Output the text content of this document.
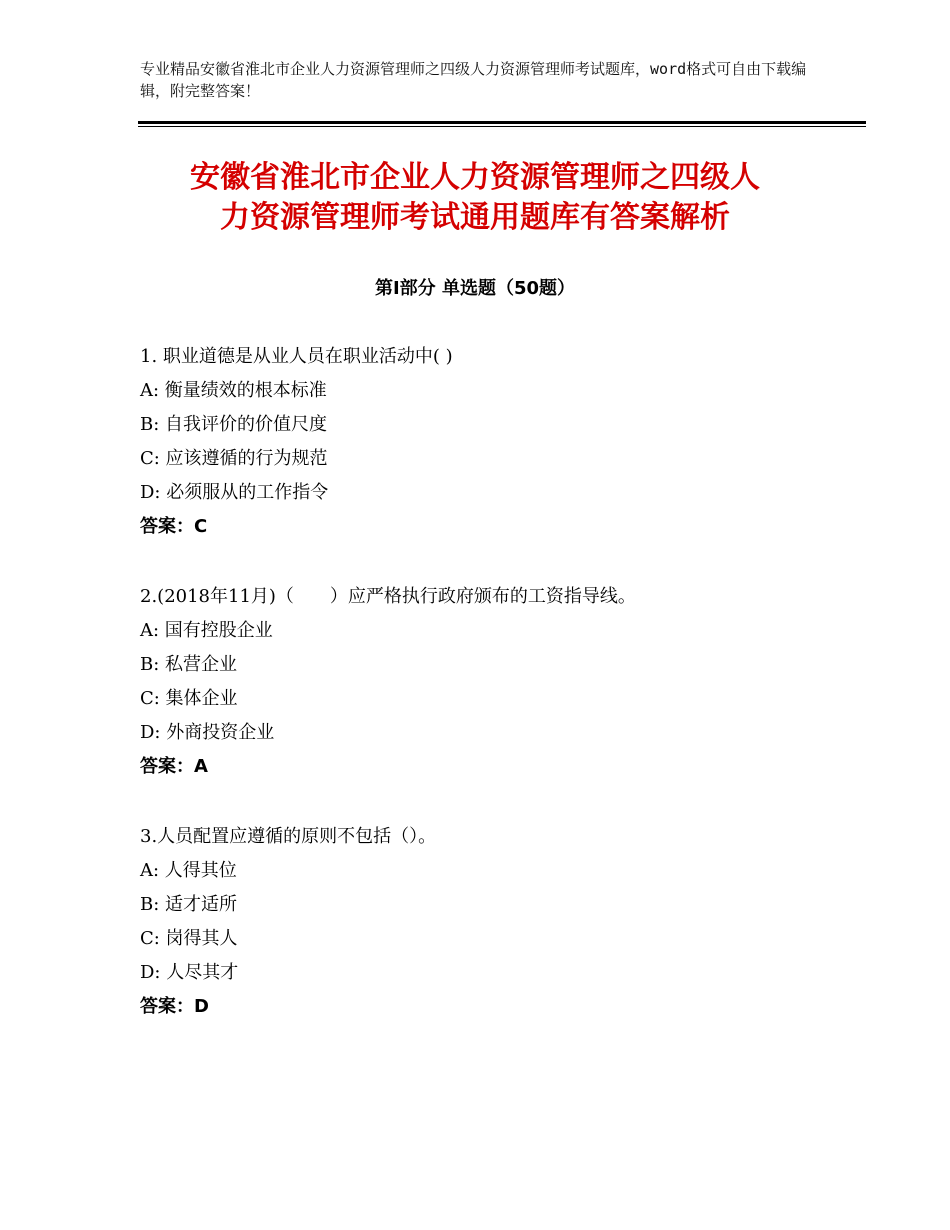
专业精品安徽省淮北市企业人力资源管理师之四级人力资源管理师考试题库，word格式可自由下载编辑，附完整答案！
安徽省淮北市企业人力资源管理师之四级人
力资源管理师考试通用题库有答案解析
第Ⅰ部分 单选题（50题）
1. 职业道德是从业人员在职业活动中( )
A: 衡量绩效的根本标准
B: 自我评价的价值尺度
C: 应该遵循的行为规范
D: 必须服从的工作指令
答案：C
2.(2018年11月)（　　）应严格执行政府颁布的工资指导线。
A: 国有控股企业
B: 私营企业
C: 集体企业
D: 外商投资企业
答案：A
3.人员配置应遵循的原则不包括（）。
A: 人得其位
B: 适才适所
C: 岗得其人
D: 人尽其才
答案：D
